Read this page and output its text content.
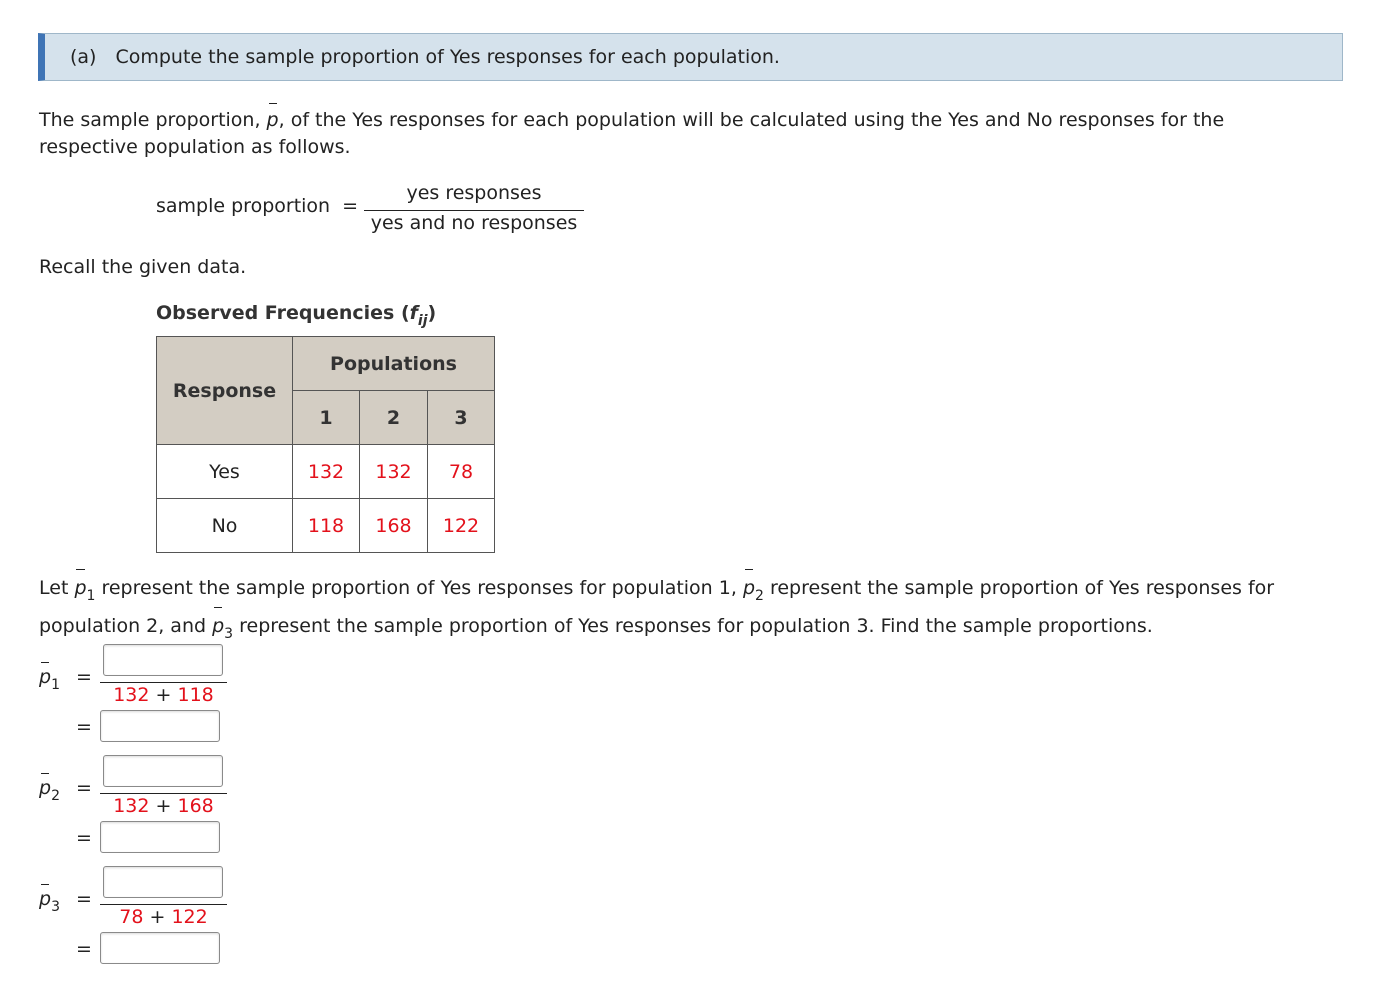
(a) Compute the sample proportion of Yes responses for each population.
The sample proportion, p, of the Yes responses for each population will be calculated using the Yes and No responses for the
respective population as follows.
sample proportion =
yes responses
yes and no responses
Recall the given data.
Observed Frequencies $(f_{ij})$
Response	Populations		
	1	2	3
Yes	132	132	78
No	118	168	122
Let $p_1$ represent the sample proportion of Yes responses for population 1, $p_2$ represent the sample proportion of Yes responses for
population 2, and $p_3$ represent the sample proportion of Yes responses for population 3. Find the sample proportions.
$p_1$ =
132 + 118
=
$p_2$ =
132 + 168
=
$p_3$ =
78 + 122
=
